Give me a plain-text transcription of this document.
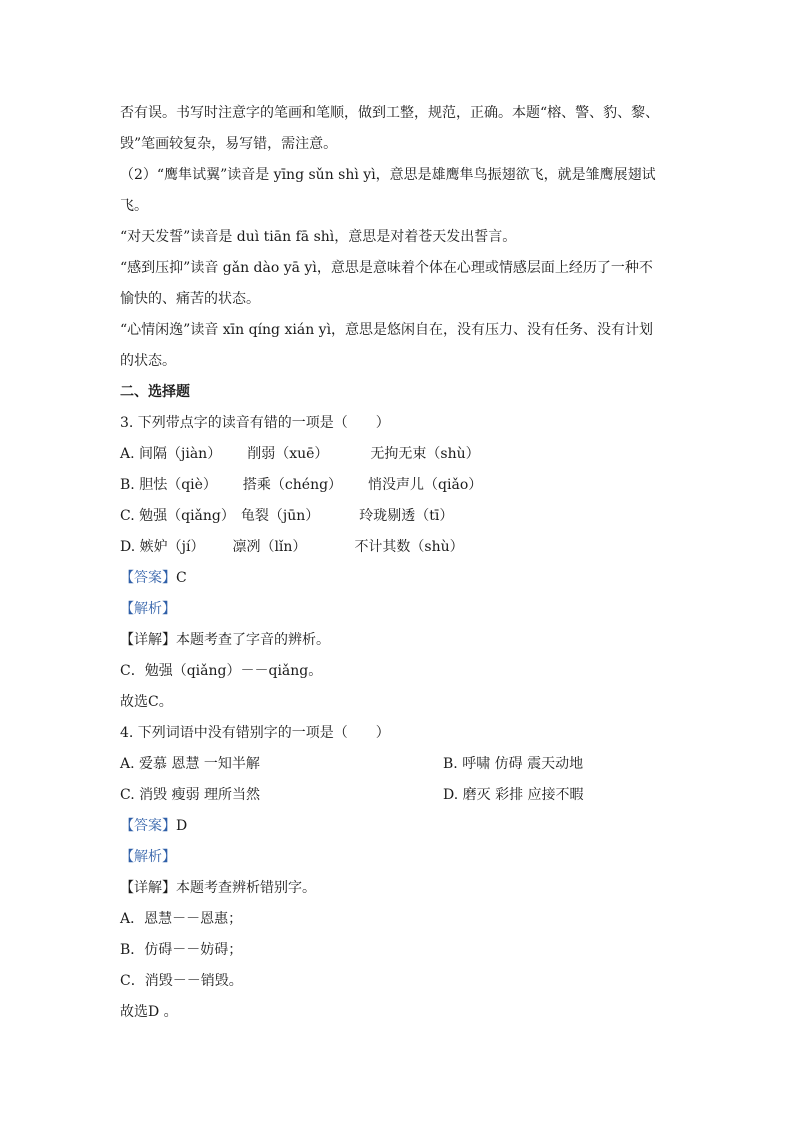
否有误。书写时注意字的笔画和笔顺，做到工整，规范，正确。本题“榕、警、豹、黎、
毁”笔画较复杂，易写错，需注意。
（2）“鹰隼试翼”读音是 yīng sǔn shì yì，意思是雄鹰隼鸟振翅欲飞，就是雏鹰展翅试
飞。
“对天发誓”读音是 duì tiān fā shì，意思是对着苍天发出誓言。
“感到压抑”读音 gǎn dào yā yì，意思是意味着个体在心理或情感层面上经历了一种不
愉快的、痛苦的状态。
“心情闲逸”读音 xīn qíng xián yì，意思是悠闲自在，没有压力、没有任务、没有计划
的状态。
二、选择题
3. 下列带点字的读音有错的一项是（　　）
A. 间隔（jiàn） 削弱（xuē）	无拘无束（shù）
B. 胆怯（qiè） 搭乘（chéng） 悄没声儿（qiǎo）
C. 勉强（qiǎng） 龟裂（jūn）	玲珑剔透（tī）
D. 嫉妒（jí） 凛冽（lǐn）	不计其数（shù）
【答案】C
【解析】
【详解】本题考查了字音的辨析。
C．勉强（qiǎng）－－qiǎng。
故选C。
4. 下列词语中没有错别字的一项是（　　）
A. 爱慕 恩慧 一知半解	B. 呼啸 仿碍 震天动地
C. 消毁 瘦弱 理所当然	D. 磨灭 彩排 应接不暇
【答案】D
【解析】
【详解】本题考查辨析错别字。
A．恩慧－－恩惠；
B．仿碍－－妨碍；
C．消毁－－销毁。
故选D 。
